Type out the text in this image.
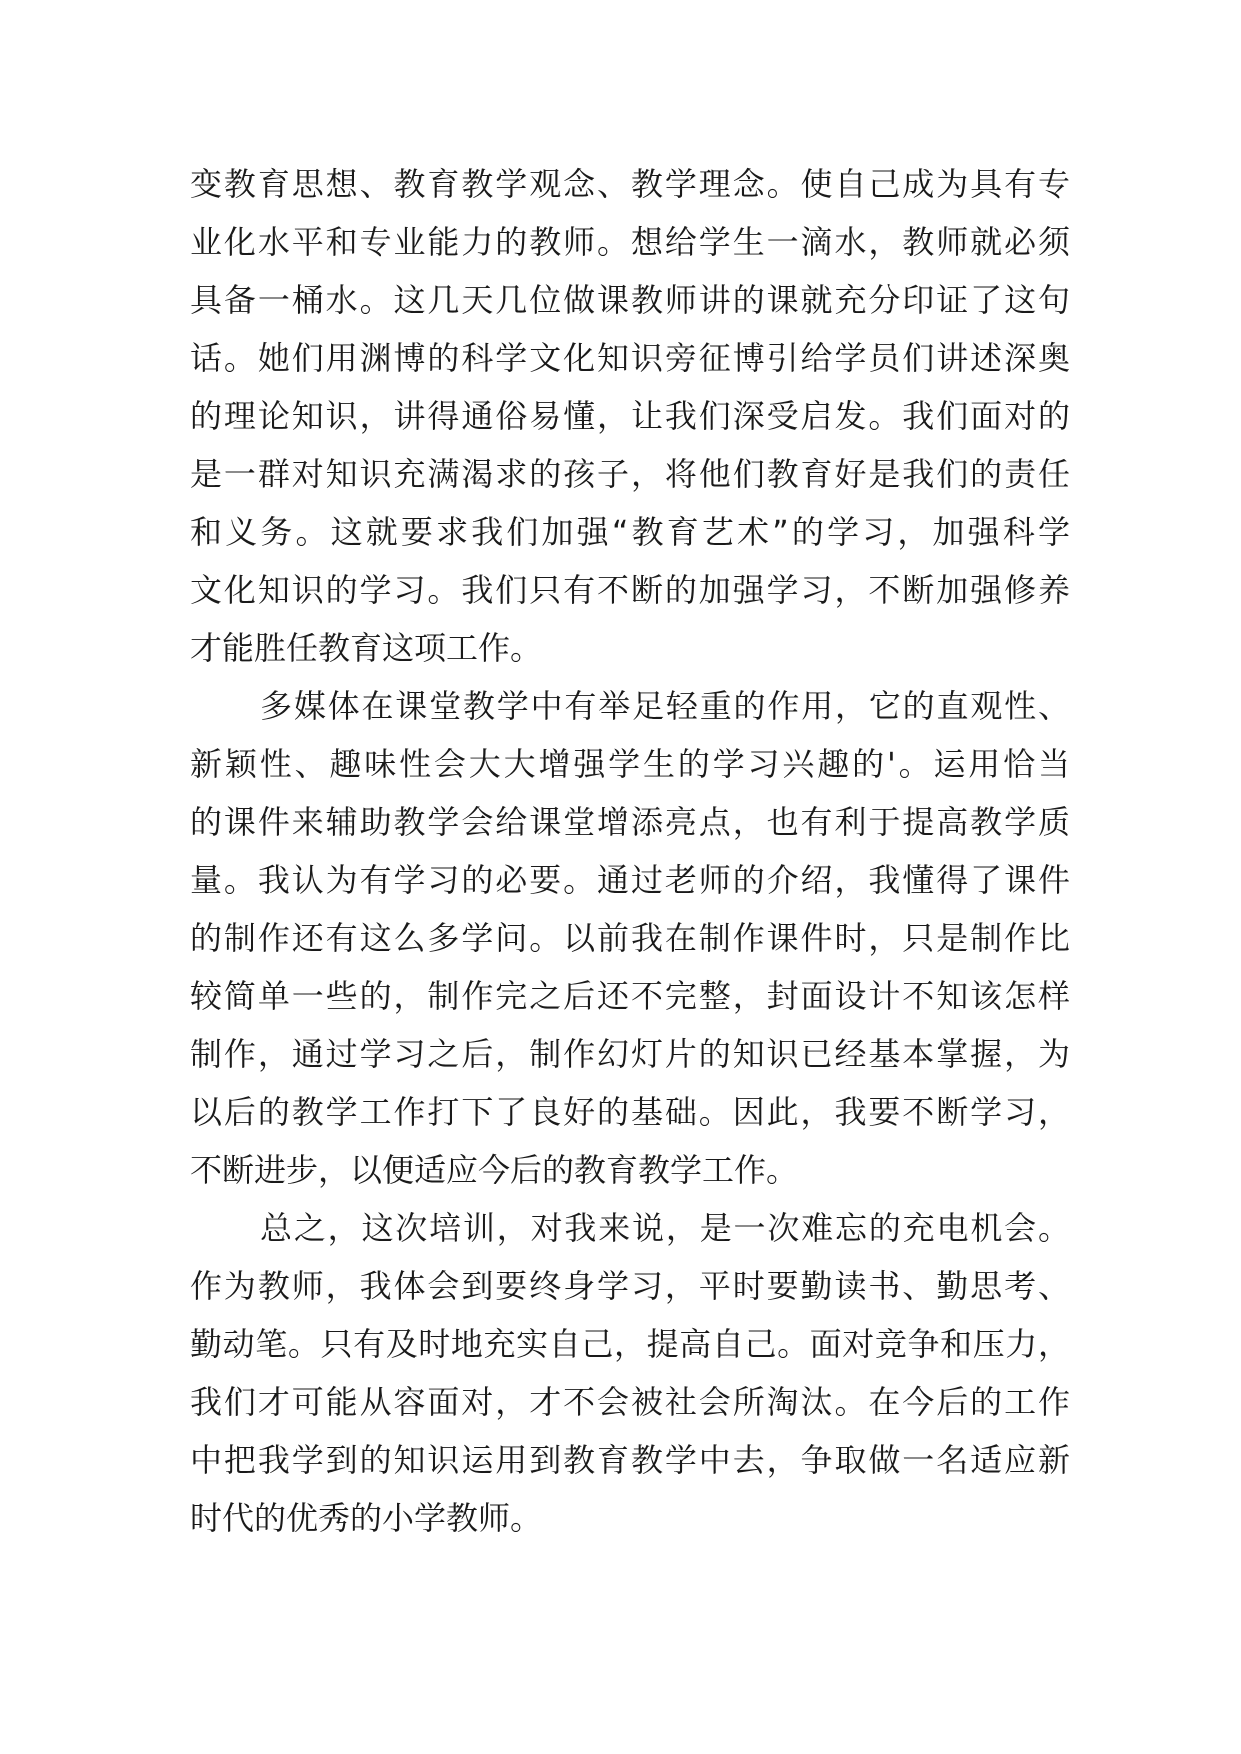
变教育思想、教育教学观念、教学理念。使自己成为具有专
业化水平和专业能力的教师。想给学生一滴水，教师就必须
具备一桶水。这几天几位做课教师讲的课就充分印证了这句
话。她们用渊博的科学文化知识旁征博引给学员们讲述深奥
的理论知识，讲得通俗易懂，让我们深受启发。我们面对的
是一群对知识充满渴求的孩子，将他们教育好是我们的责任
和义务。这就要求我们加强“教育艺术”的学习，加强科学
文化知识的学习。我们只有不断的加强学习，不断加强修养
才能胜任教育这项工作。
多媒体在课堂教学中有举足轻重的作用，它的直观性、
新颖性、趣味性会大大增强学生的学习兴趣的'。运用恰当
的课件来辅助教学会给课堂增添亮点，也有利于提高教学质
量。我认为有学习的必要。通过老师的介绍，我懂得了课件
的制作还有这么多学问。以前我在制作课件时，只是制作比
较简单一些的，制作完之后还不完整，封面设计不知该怎样
制作，通过学习之后，制作幻灯片的知识已经基本掌握，为
以后的教学工作打下了良好的基础。因此，我要不断学习，
不断进步，以便适应今后的教育教学工作。
总之，这次培训，对我来说，是一次难忘的充电机会。
作为教师，我体会到要终身学习，平时要勤读书、勤思考、
勤动笔。只有及时地充实自己，提高自己。面对竞争和压力，
我们才可能从容面对，才不会被社会所淘汰。在今后的工作
中把我学到的知识运用到教育教学中去，争取做一名适应新
时代的优秀的小学教师。
